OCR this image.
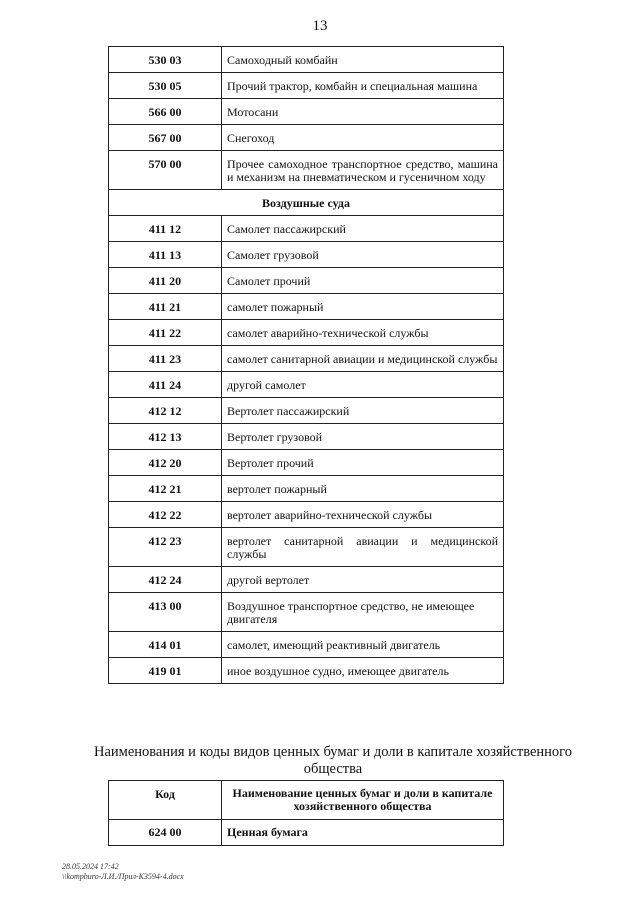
13
530 03	Самоходный комбайн
530 05	Прочий трактор, комбайн и специальная машина
566 00	Мотосани
567 00	Снегоход
570 00	Прочее самоходное транспортное средство, машина и механизм на пневматическом и гусеничном ходу
Воздушные суда	
411 12	Самолет пассажирский
411 13	Самолет грузовой
411 20	Самолет прочий
411 21	самолет пожарный
411 22	самолет аварийно-технической службы
411 23	самолет санитарной авиации и медицинской службы
411 24	другой самолет
412 12	Вертолет пассажирский
412 13	Вертолет грузовой
412 20	Вертолет прочий
412 21	вертолет пожарный
412 22	вертолет аварийно-технической службы
412 23	вертолет санитарной авиации и медицинской службы
412 24	другой вертолет
413 00	Воздушное транспортное средство, не имеющее двигателя
414 01	самолет, имеющий реактивный двигатель
419 01	иное воздушное судно, имеющее двигатель
Наименования и коды видов ценных бумаг и доли в капитале хозяйственного общества
Код	Наименование ценных бумаг и доли в капитале хозяйственного общества
624 00	Ценная бумага
28.05.2024 17:42
\\kompburo-Л.И./Прил-К3594-4.docx
